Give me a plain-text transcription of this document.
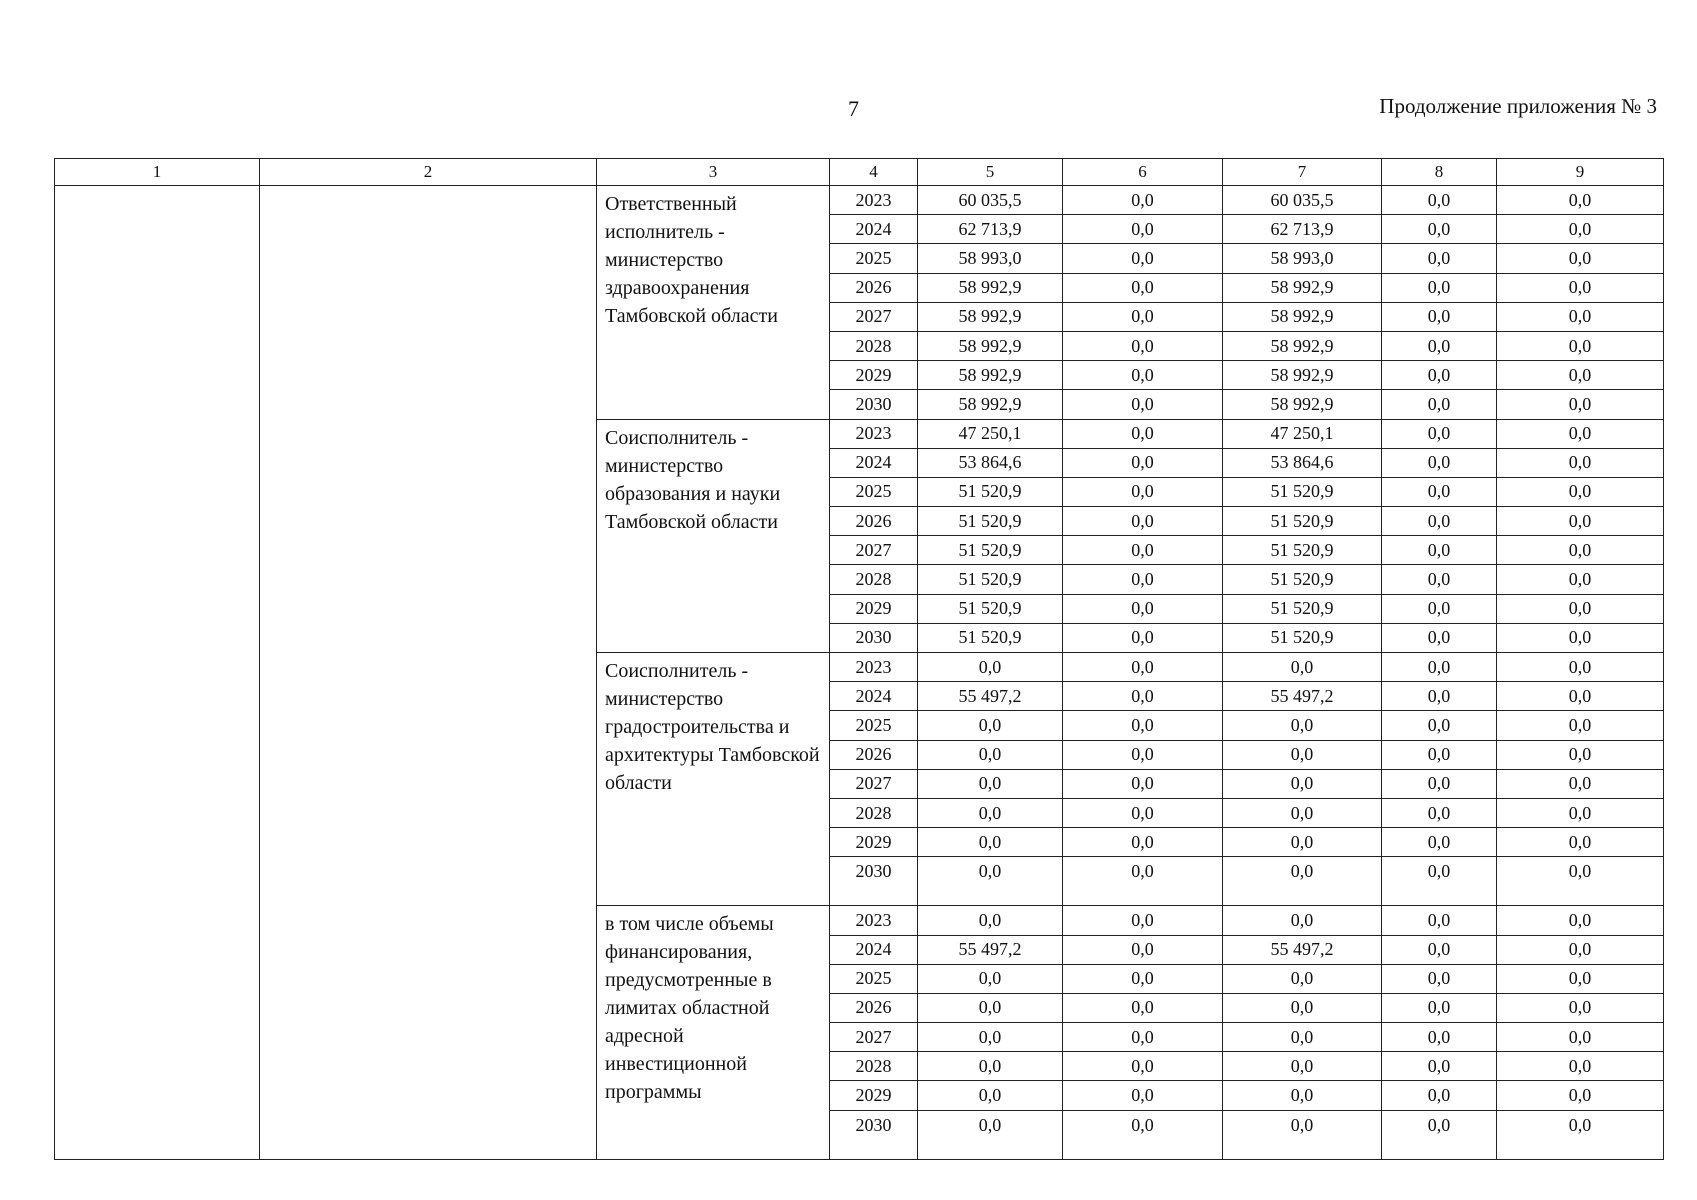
7	Продолжение приложения № 3
1	2	3	4	5	6	7	8	9
		Ответственный исполнитель - министерство здравоохранения Тамбовской области	2023	60 035,5	0,0	60 035,5	0,0	0,0
			2024	62 713,9	0,0	62 713,9	0,0	0,0
			2025	58 993,0	0,0	58 993,0	0,0	0,0
			2026	58 992,9	0,0	58 992,9	0,0	0,0
			2027	58 992,9	0,0	58 992,9	0,0	0,0
			2028	58 992,9	0,0	58 992,9	0,0	0,0
			2029	58 992,9	0,0	58 992,9	0,0	0,0
			2030	58 992,9	0,0	58 992,9	0,0	0,0
		Соисполнитель - министерство образования и науки Тамбовской области	2023	47 250,1	0,0	47 250,1	0,0	0,0
			2024	53 864,6	0,0	53 864,6	0,0	0,0
			2025	51 520,9	0,0	51 520,9	0,0	0,0
			2026	51 520,9	0,0	51 520,9	0,0	0,0
			2027	51 520,9	0,0	51 520,9	0,0	0,0
			2028	51 520,9	0,0	51 520,9	0,0	0,0
			2029	51 520,9	0,0	51 520,9	0,0	0,0
			2030	51 520,9	0,0	51 520,9	0,0	0,0
		Соисполнитель - министерство градостроительства и архитектуры Тамбовской области	2023	0,0	0,0	0,0	0,0	0,0
			2024	55 497,2	0,0	55 497,2	0,0	0,0
			2025	0,0	0,0	0,0	0,0	0,0
			2026	0,0	0,0	0,0	0,0	0,0
			2027	0,0	0,0	0,0	0,0	0,0
			2028	0,0	0,0	0,0	0,0	0,0
			2029	0,0	0,0	0,0	0,0	0,0
			2030	0,0	0,0	0,0	0,0	0,0
		в том числе объемы финансирования, предусмотренные в лимитах областной адресной инвестиционной программы	2023	0,0	0,0	0,0	0,0	0,0
			2024	55 497,2	0,0	55 497,2	0,0	0,0
			2025	0,0	0,0	0,0	0,0	0,0
			2026	0,0	0,0	0,0	0,0	0,0
			2027	0,0	0,0	0,0	0,0	0,0
			2028	0,0	0,0	0,0	0,0	0,0
			2029	0,0	0,0	0,0	0,0	0,0
			2030	0,0	0,0	0,0	0,0	0,0
